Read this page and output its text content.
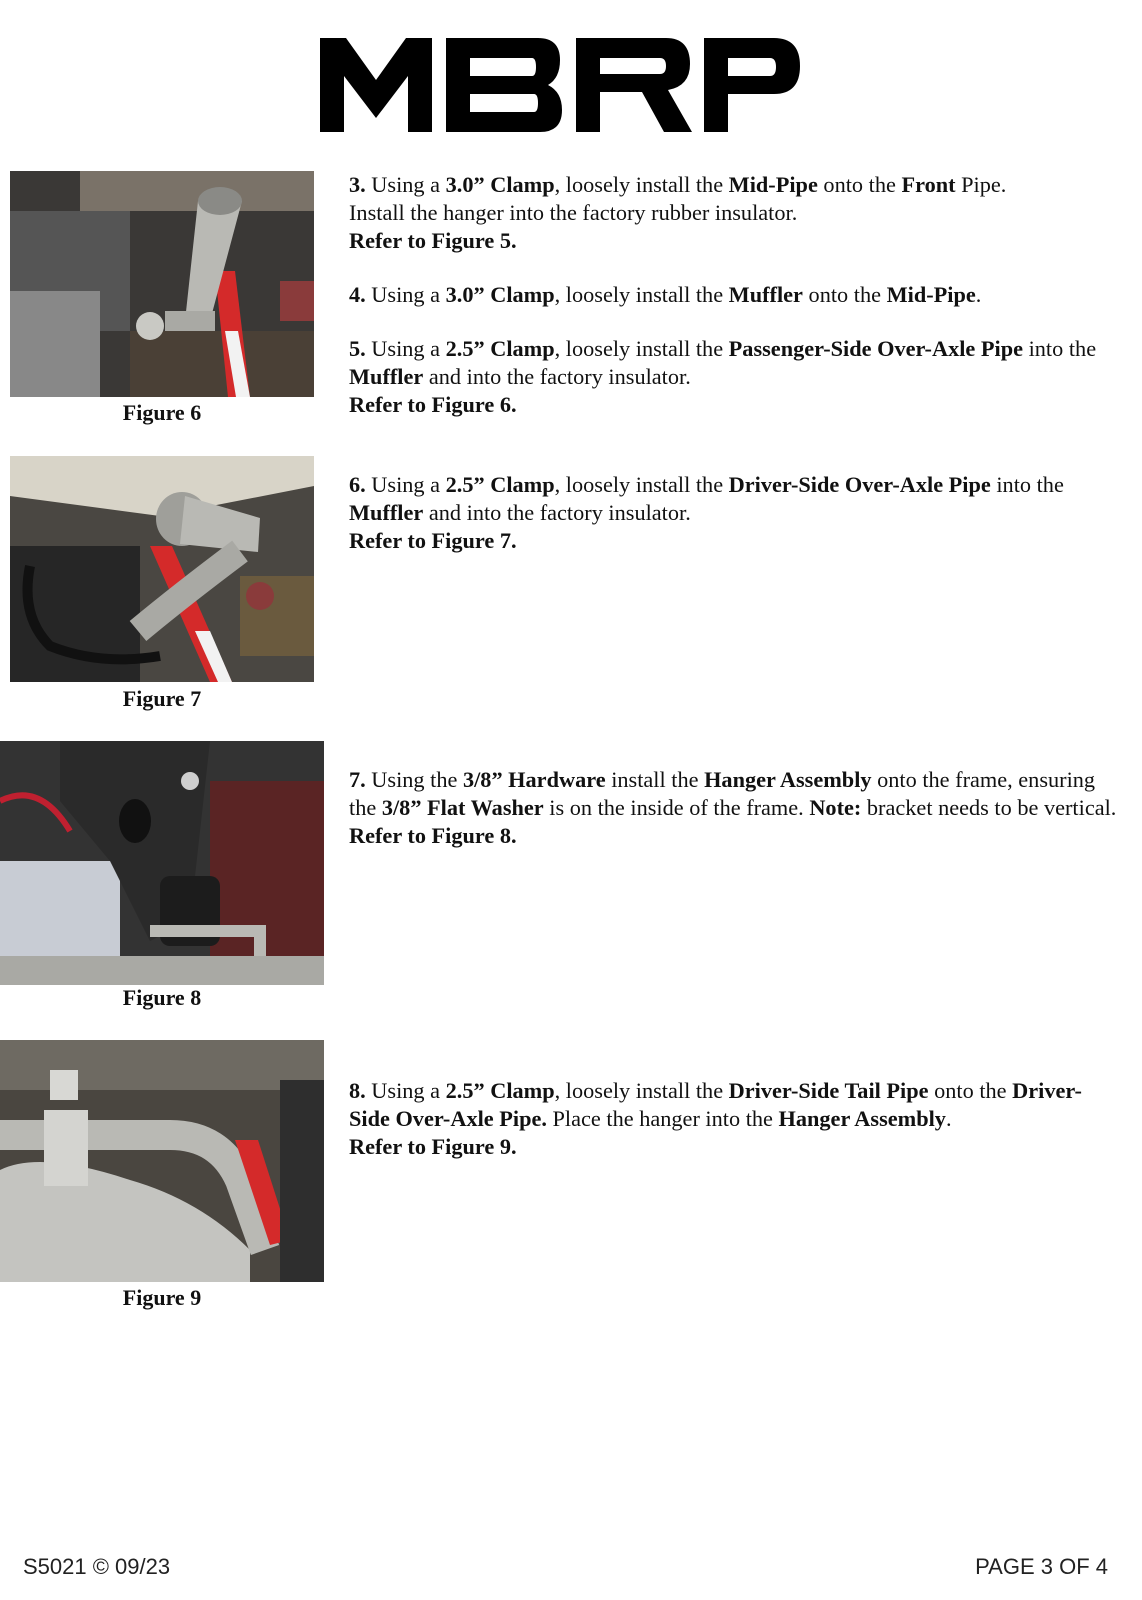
Figure 6

3. Using a 3.0” Clamp, loosely install the Mid-Pipe onto the Front Pipe.

Install the hanger into the factory rubber insulator.

Refer to Figure 5.

4. Using a 3.0” Clamp, loosely install the Muffler onto the Mid-Pipe.

5. Using a 2.5” Clamp, loosely install the Passenger-Side Over-Axle Pipe into the Muffler and into the factory insulator.

Refer to Figure 6.

Figure 7

6. Using a 2.5” Clamp, loosely install the Driver-Side Over-Axle Pipe into the Muffler and into the factory insulator.

Refer to Figure 7.

Figure 8

7. Using the 3/8” Hardware install the Hanger Assembly onto the frame, ensuring the 3/8” Flat Washer is on the inside of the frame. Note: bracket needs to be vertical.

Refer to Figure 8.

Figure 9

8. Using a 2.5” Clamp, loosely install the Driver-Side Tail Pipe onto the Driver-Side Over-Axle Pipe. Place the hanger into the Hanger Assembly.

Refer to Figure 9.

S5021 © 09/23	PAGE 3 OF 4
